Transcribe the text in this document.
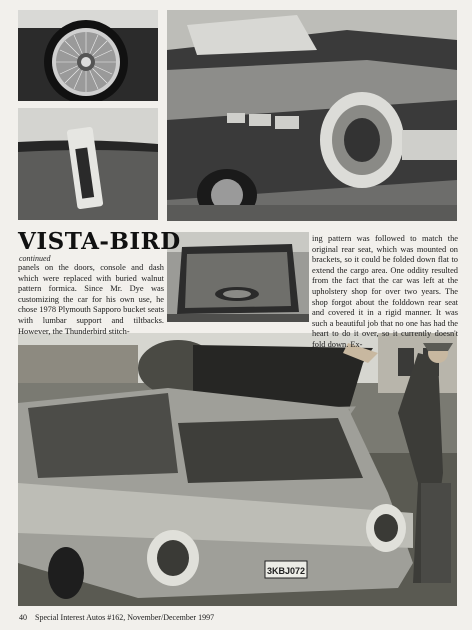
3KBJ072
VISTA-BIRD
continued
panels on the doors, console and dash which were replaced with buried walnut pattern formica. Since Mr. Dye was customizing the car for his own use, he chose 1978 Plymouth Sapporo bucket seats with lumbar support and tiltbacks. However, the Thunderbird stitch-
ing pattern was followed to match the original rear seat, which was mounted on brackets, so it could be folded down flat to extend the cargo area. One oddity resulted from the fact that the car was left at the upholstery shop for over two years. The shop forgot about the folddown rear seat and covered it in a rigid manner. It was such a beautiful job that no one has had the heart to do it over, so it currently doesn't fold down. Ex-
40 Special Interest Autos #162, November/December 1997
